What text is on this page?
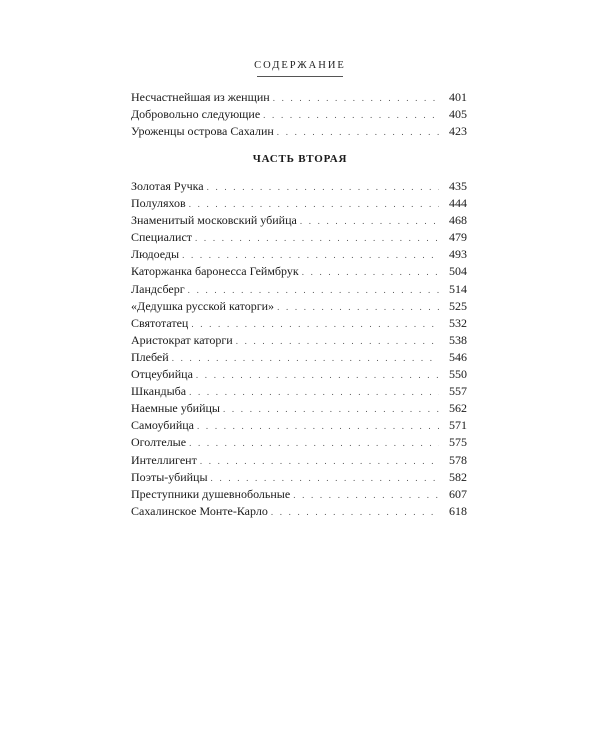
СОДЕРЖАНИЕ
Несчастнейшая из женщин . . .	401
Добровольно следующие . . .	405
Уроженцы острова Сахалин . . .	423
ЧАСТЬ ВТОРАЯ
Золотая Ручка . . .	435
Полуляхов . . .	444
Знаменитый московский убийца . . .	468
Специалист . . .	479
Людоеды . . .	493
Каторжанка баронесса Геймбрук . . .	504
Ландсберг . . .	514
«Дедушка русской каторги» . . .	525
Святотатец . . .	532
Аристократ каторги . . .	538
Плебей . . .	546
Отцеубийца . . .	550
Шкандыба . . .	557
Наемные убийцы . . .	562
Самоубийца . . .	571
Оголтелые . . .	575
Интеллигент . . .	578
Поэты-убийцы . . .	582
Преступники душевнобольные . . .	607
Сахалинское Монте-Карло . . .	618
